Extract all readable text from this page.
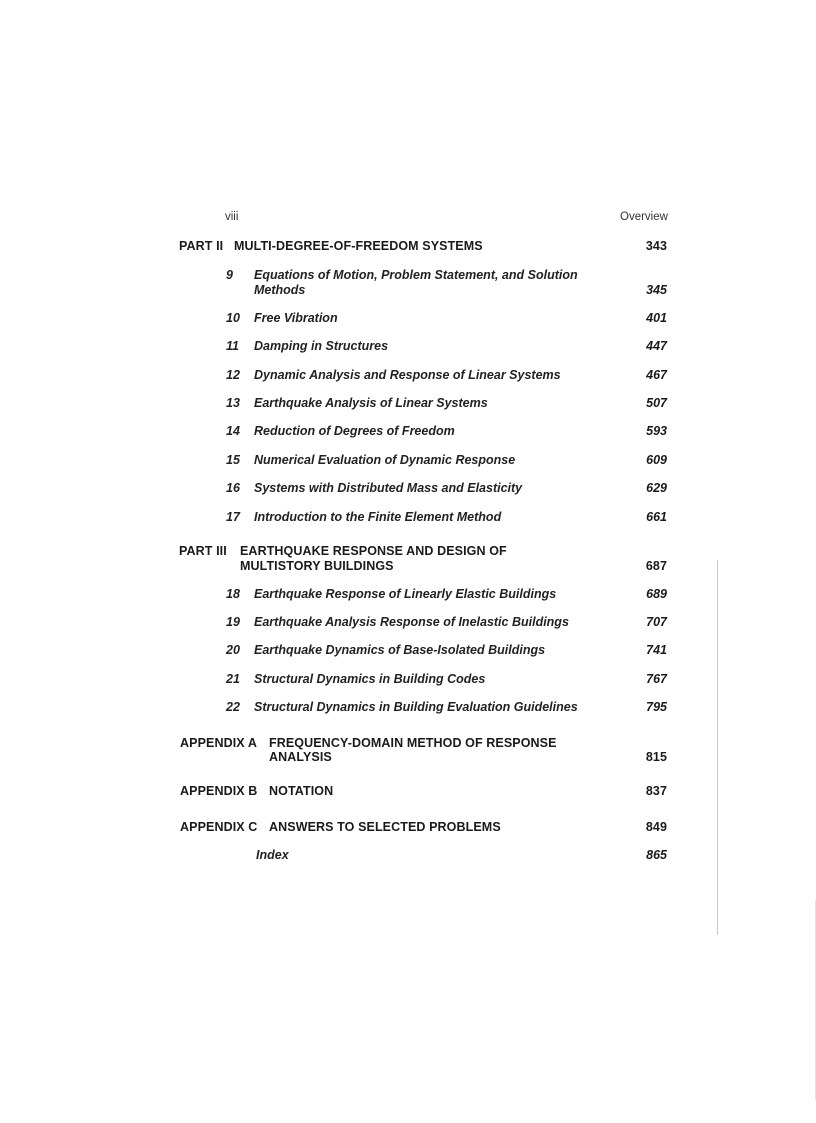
viii	Overview
PART II MULTI-DEGREE-OF-FREEDOM SYSTEMS	343
9 Equations of Motion, Problem Statement, and Solution
Methods	345
10 Free Vibration	401
11 Damping in Structures	447
12 Dynamic Analysis and Response of Linear Systems	467
13 Earthquake Analysis of Linear Systems	507
14 Reduction of Degrees of Freedom	593
15 Numerical Evaluation of Dynamic Response	609
16 Systems with Distributed Mass and Elasticity	629
17 Introduction to the Finite Element Method	661
PART III EARTHQUAKE RESPONSE AND DESIGN OF
MULTISTORY BUILDINGS	687
18 Earthquake Response of Linearly Elastic Buildings	689
19 Earthquake Analysis Response of Inelastic Buildings	707
20 Earthquake Dynamics of Base-Isolated Buildings	741
21 Structural Dynamics in Building Codes	767
22 Structural Dynamics in Building Evaluation Guidelines	795
APPENDIX A FREQUENCY-DOMAIN METHOD OF RESPONSE
ANALYSIS	815
APPENDIX B NOTATION	837
APPENDIX C ANSWERS TO SELECTED PROBLEMS	849
Index	865
